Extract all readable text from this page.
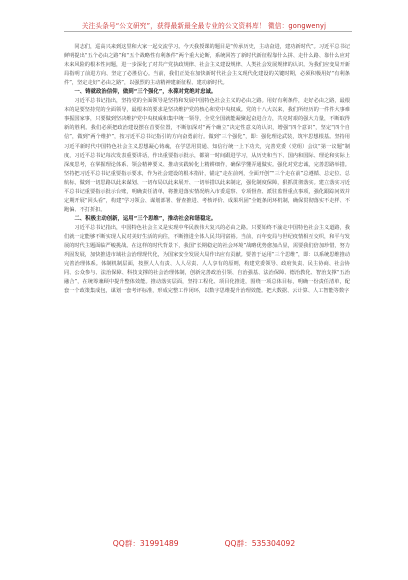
关注头条号“公文研究”，获得最新最全最专业的公文资料库！ 微信：gongwenyj

同志们，巡高兴来到这里和大家一起交流学习。今天我授课的题目是“传承历史，主动奋进，建功新时代”。习近平总书记鲜明提出“五个必由之路”和“五个战略性有利条件”两个重大论断，系统回答了新时代新征程靠什么拼、走什么路、靠什么应对未来风险的根本性问题，进一步深化了对共产党执政规律、社会主义建设规律、人类社会发展规律的认识。为我们应变局开新局指明了前进方向、坚定了必胜信心。当前，我们正处在加快新时代社会主义现代化建设的关键时期，必须积极用好“有利条件”，坚定走好“必由之路”，以强烈的主动精神建新征程、建功新时代。

一、铸就政治信仰，做到“三个强化”，永葆对党绝对忠诚。

习近平总书记指出，坚持党的全面领导是坚持和发展中国特色社会主义的必由之路。用好有利条件，走好必由之路，最根本的是要坚持党的全面领导，最根本的要求是坚决维护党的核心和党中央权威。党的十八大以来，我们所经历的一件件大事难事振国家事，只要做到坚决维护党中央权威和集中统一领导，全党全国就能凝聚起奋进合力，共克时艰的强大力量，不断取得新的胜利。我们必须把政治建设摆在首要位置，不断加深对“两个确立”决定性意义的认识，增强“四个意识”，坚定“四个自信”，做到“两个维护”，按习近平总书记指引的方向奋勇前行。做到“三个强化”，即：强化理论武装，筑牢思想根基。坚持用习近平新时代中国特色社会主义思想凝心铸魂，在学思用贯通、知信行统一上下功夫，完善党委（党组）会议“第一议题”制度，习近平总书记每次发表重要讲话，作出重要指示批示，都第一时间跟进学习，从历史和当下、国内和国际、理论和实际上深度思考，在掌握理论体系、领会精神要义、推动实践转化上精耕细作，确保学懂弄通做实。强化对党忠诚，完善思路举措。坚持把习近平总书记重要指示要求，作为社会建设的根本指针，锚定“走在前列，全面开创”“三个走在前”总遵循、总定位、总航标，做到一切思路以此来谋划、一切布局以此来展开、一切举措以此来制定，强化制度保障，狠抓贯彻落实。建立落实习近平总书记重要指示批示台账，明确责任清单，将推进落实情况纳入市委巡察、专项督查、派驻监督重点事项，强化跟踪问效并定期开展“回头看”，构建“学习领会、谋划部署、督查推进、考核评价、成果巩固”全链条闭环机制，确保贯彻落实不走样、不跑偏、不打折扣。

二、积极主动创新，运用“三个思维”，推动社会和谐稳定。

习近平总书记指出，中国特色社会主义是实现中华民族伟大复兴的必由之路。只要始终不渝走中国特色社会主义道路，我们就一定能够不断实现人民对美好生活的向往，不断推进全体人民共同富裕。当前，百年变局与世纪疫情相互交织，和平与发展的时代主题面临严峻挑战。在这样的时代背景下，我国“长期稳定的社会环境”战略优势愈加凸显，需要我们倍加珍惜，努力巩固发展，加快推进市域社会治理现代化，为国家安全发展大局作出应有贡献。要善于运用“三个思维”，即：以系统思维推动完善治理体系。体制机制层面，按照人人有责、人人尽责、人人享有的原则，构建党委领导、政府负责、民主协商、社会协同、公众参与、法治保障、科技支撑的社会治理体制，创新完善政治引领、自治强基、法治保障、德治教化、智治支撑“五治融合”，在统筹兼顾中提升整体效能。推动落实层面，坚持工程化、项目化推进，围绕一项总体目标，明确一份责任清单，配套一个政策集成包，谋划一套考评标准，形成完整工作闭环，以数字思维提升治理效能。把大数据、云计算、人工智能等数字

QQ群：31991489	QQ群：535304092
